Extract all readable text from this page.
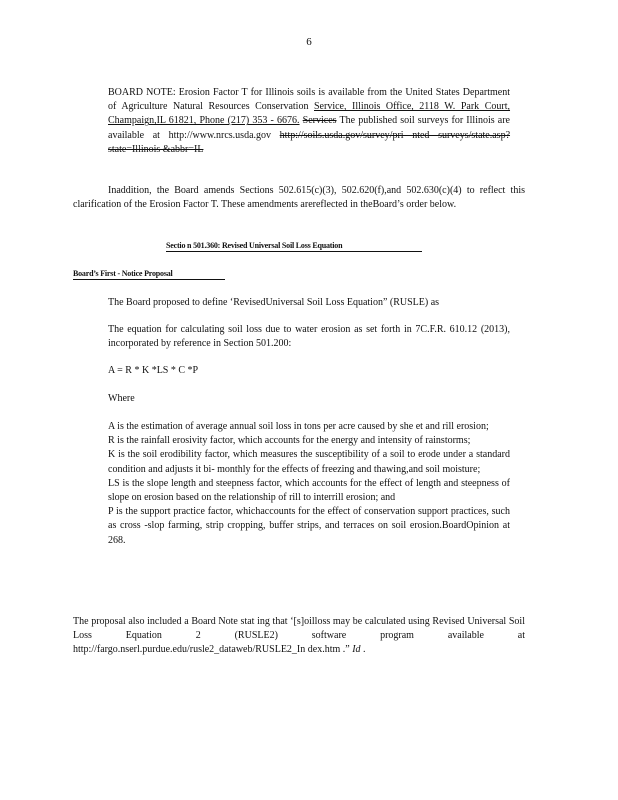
6
BOARD NOTE: Erosion Factor T for Illinois soils is available from the United States Department of Agriculture Natural Resources Conservation Service, Illinois Office, 2118 W. Park Court, Champaign,IL 61821, Phone (217) 353 - 6676. Services The published soil surveys for Illinois are available at http://www.nrcs.usda.gov http://soils.usda.gov/survey/pri nted surveys/state.asp?state=Illinois &abbr=IL
Inaddition, the Board amends Sections 502.615(c)(3), 502.620(f),and 502.630(c)(4) to reflect this clarification of the Erosion Factor T. These amendments arereflected in theBoard’s order below.
Sectio n 501.360: Revised Universal Soil Loss Equation
Board’s First - Notice Proposal
The Board proposed to define ‘RevisedUniversal Soil Loss Equation” (RUSLE) as
The equation for calculating soil loss due to water erosion as set forth in 7C.F.R. 610.12 (2013), incorporated by reference in Section 501.200:
A = R * K *LS * C *P
Where
A is the estimation of average annual soil loss in tons per acre caused by she et and rill erosion;
R is the rainfall erosivity factor, which accounts for the energy and intensity of rainstorms;
K is the soil erodibility factor, which measures the susceptibility of a soil to erode under a standard condition and adjusts it bi- monthly for the effects of freezing and thawing,and soil moisture;
LS is the slope length and steepness factor, which accounts for the effect of length and steepness of slope on erosion based on the relationship of rill to interrill erosion; and
P is the support practice factor, whichaccounts for the effect of conservation support practices, such as cross -slop farming, strip cropping, buffer strips, and terraces on soil erosion.BoardOpinion at 268.
The proposal also included a Board Note stat ing that ‘[s]oilloss may be calculated using Revised Universal Soil Loss Equation 2 (RUSLE2) software program available at http://fargo.nserl.purdue.edu/rusle2_dataweb/RUSLE2_In dex.htm .” Id .
